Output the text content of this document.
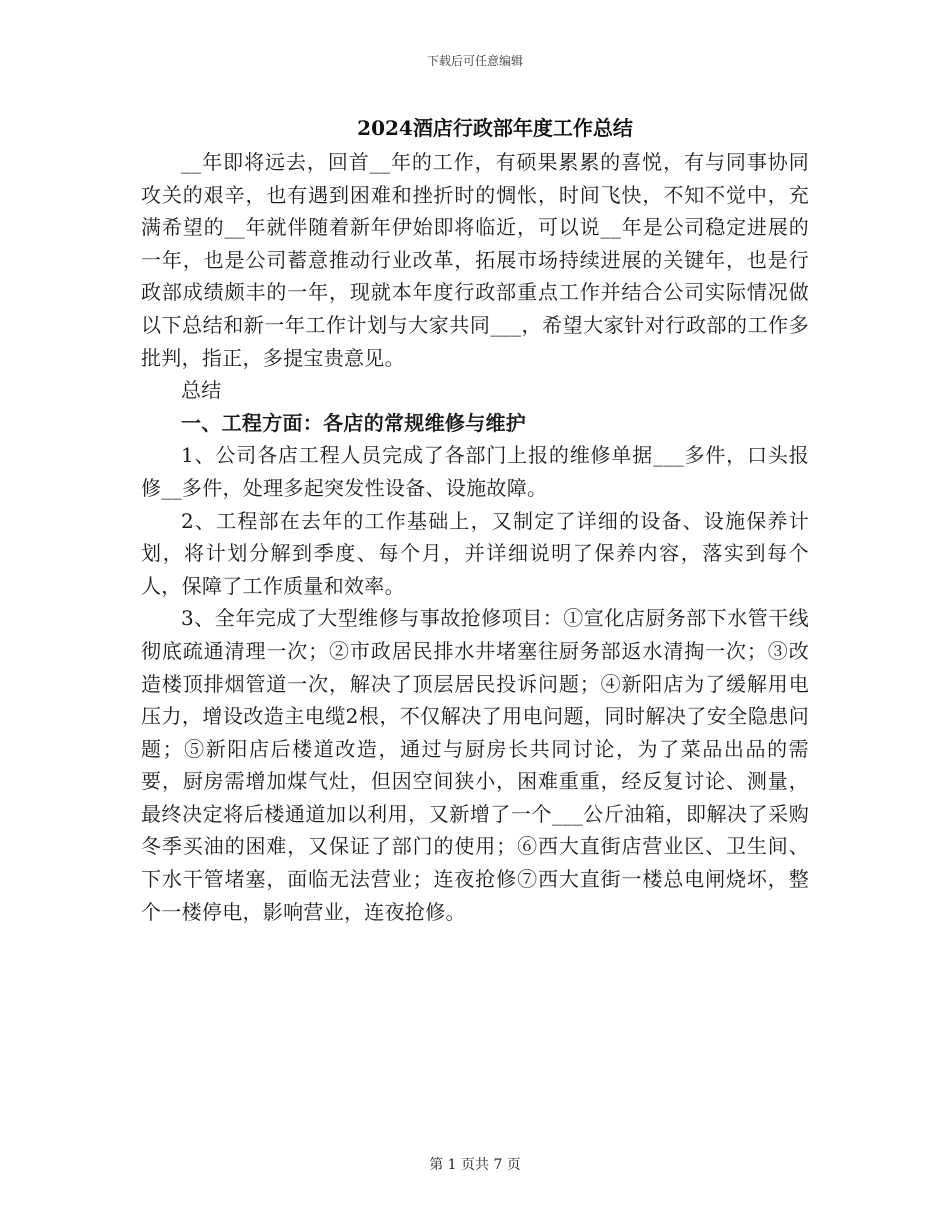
下载后可任意编辑
2024酒店行政部年度工作总结

__年即将远去，回首__年的工作，有硕果累累的喜悦，有与同事协同攻关的艰辛，也有遇到困难和挫折时的惆怅，时间飞快，不知不觉中，充满希望的__年就伴随着新年伊始即将临近，可以说__年是公司稳定进展的一年，也是公司蓄意推动行业改革，拓展市场持续进展的关键年，也是行政部成绩颇丰的一年，现就本年度行政部重点工作并结合公司实际情况做以下总结和新一年工作计划与大家共同___，希望大家针对行政部的工作多批判，指正，多提宝贵意见。

总结

一、工程方面：各店的常规维修与维护

1、公司各店工程人员完成了各部门上报的维修单据___多件，口头报修__多件，处理多起突发性设备、设施故障。

2、工程部在去年的工作基础上，又制定了详细的设备、设施保养计划，将计划分解到季度、每个月，并详细说明了保养内容，落实到每个人，保障了工作质量和效率。

3、全年完成了大型维修与事故抢修项目：①宣化店厨务部下水管干线彻底疏通清理一次；②市政居民排水井堵塞往厨务部返水清掏一次；③改造楼顶排烟管道一次，解决了顶层居民投诉问题；④新阳店为了缓解用电压力，增设改造主电缆2根，不仅解决了用电问题，同时解决了安全隐患问题；⑤新阳店后楼道改造，通过与厨房长共同讨论，为了菜品出品的需要，厨房需增加煤气灶，但因空间狭小，困难重重，经反复讨论、测量，最终决定将后楼通道加以利用，又新增了一个___公斤油箱，即解决了采购冬季买油的困难，又保证了部门的使用；⑥西大直街店营业区、卫生间、下水干管堵塞，面临无法营业；连夜抢修⑦西大直街一楼总电闸烧坏，整个一楼停电，影响营业，连夜抢修。

第 1 页共 7 页
